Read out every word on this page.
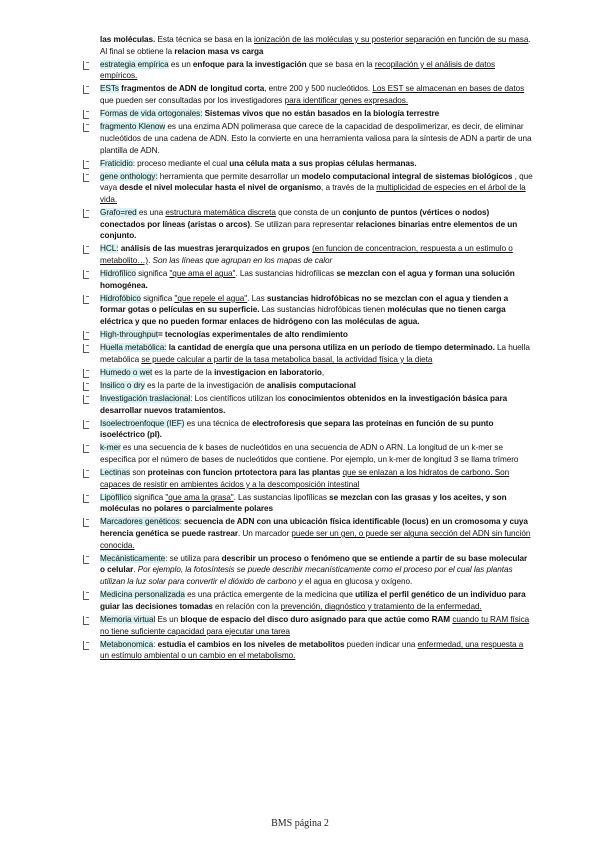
las moléculas. Esta técnica se basa en la ionización de las moléculas y su posterior separación en función de su masa. Al final se obtiene la relacion masa vs carga
estrategia empírica es un enfoque para la investigación que se basa en la recopilación y el análisis de datos empíricos.
ESTs fragmentos de ADN de longitud corta, entre 200 y 500 nucleótidos. Los EST se almacenan en bases de datos que pueden ser consultadas por los investigadores para identificar genes expresados.
Formas de vida ortogonales: Sistemas vivos que no están basados en la biología terrestre
fragmento Klenow es una enzima ADN polimerasa que carece de la capacidad de despolimerizar, es decir, de eliminar nucleótidos de una cadena de ADN. Esto la convierte en una herramienta valiosa para la síntesis de ADN a partir de una plantilla de ADN.
Fraticidio: proceso mediante el cual una célula mata a sus propias células hermanas.
gene onthology: herramienta que permite desarrollar un modelo computacional integral de sistemas biológicos , que vaya desde el nivel molecular hasta el nivel de organismo, a través de la multiplicidad de especies en el árbol de la vida.
Grafo=red es una estructura matemática discreta que consta de un conjunto de puntos (vértices o nodos) conectados por líneas (aristas o arcos). Se utilizan para representar relaciones binarias entre elementos de un conjunto.
HCL: análisis de las muestras jerarquizados en grupos (en funcion de concentracion, respuesta a un estimulo o metabolito…). Son las líneas que agrupan en los mapas de calor
Hidrofílico significa "que ama el agua". Las sustancias hidrofílicas se mezclan con el agua y forman una solución homogénea.
Hidrofóbico significa "que repele el agua". Las sustancias hidrofóbicas no se mezclan con el agua y tienden a formar gotas o películas en su superficie. Las sustancias hidrofóbicas tienen moléculas que no tienen carga eléctrica y que no pueden formar enlaces de hidrógeno con las moléculas de agua.
High-throughput= tecnologías experimentales de alto rendimiento
Huella metabólica: la cantidad de energía que una persona utiliza en un período de tiempo determinado. La huella metabólica se puede calcular a partir de la tasa metabolica basal, la actividad física y la dieta
Humedo o wet es la parte de la investigacion en laboratorio,
Insilico o dry es la parte de la investigación de analisis computacional
Investigación traslacional: Los científicos utilizan los conocimientos obtenidos en la investigación básica para desarrollar nuevos tratamientos.
Isoelectroenfoque (IEF) es una técnica de electroforesis que separa las proteínas en función de su punto isoeléctrico (pI).
k-mer es una secuencia de k bases de nucleótidos en una secuencia de ADN o ARN. La longitud de un k-mer se especifica por el número de bases de nucleótidos que contiene. Por ejemplo, un k-mer de longitud 3 se llama trímero
Lectinas son proteinas con funcion prtotectora para las plantas que se enlazan a los hidratos de carbono. Son capaces de resistir en ambientes ácidos y a la descomposición intestinal
Lipofílico significa "que ama la grasa". Las sustancias lipofílicas se mezclan con las grasas y los aceites, y son moléculas no polares o parcialmente polares
Marcadores genéticos: secuencia de ADN con una ubicación física identificable (locus) en un cromosoma y cuya herencia genética se puede rastrear. Un marcador puede ser un gen, o puede ser alguna sección del ADN sin función conocida.
Mecánisticamente: se utiliza para describir un proceso o fenómeno que se entiende a partir de su base molecular o celular. Por ejemplo, la fotosíntesis se puede describir mecanísticamente como el proceso por el cual las plantas utilizan la luz solar para convertir el dióxido de carbono y el agua en glucosa y oxígeno.
Medicina personalizada es una práctica emergente de la medicina que utiliza el perfil genético de un individuo para guiar las decisiones tomadas en relación con la prevención, diagnóstico y tratamiento de la enfermedad.
Memoria virtual Es un bloque de espacio del disco duro asignado para que actúe como RAM cuando tu RAM física no tiene suficiente capacidad para ejecutar una tarea
Metabonomica: estudia el cambios en los niveles de metabolitos pueden indicar una enfermedad, una respuesta a un estímulo ambiental o un cambio en el metabolismo.
BMS página 2
